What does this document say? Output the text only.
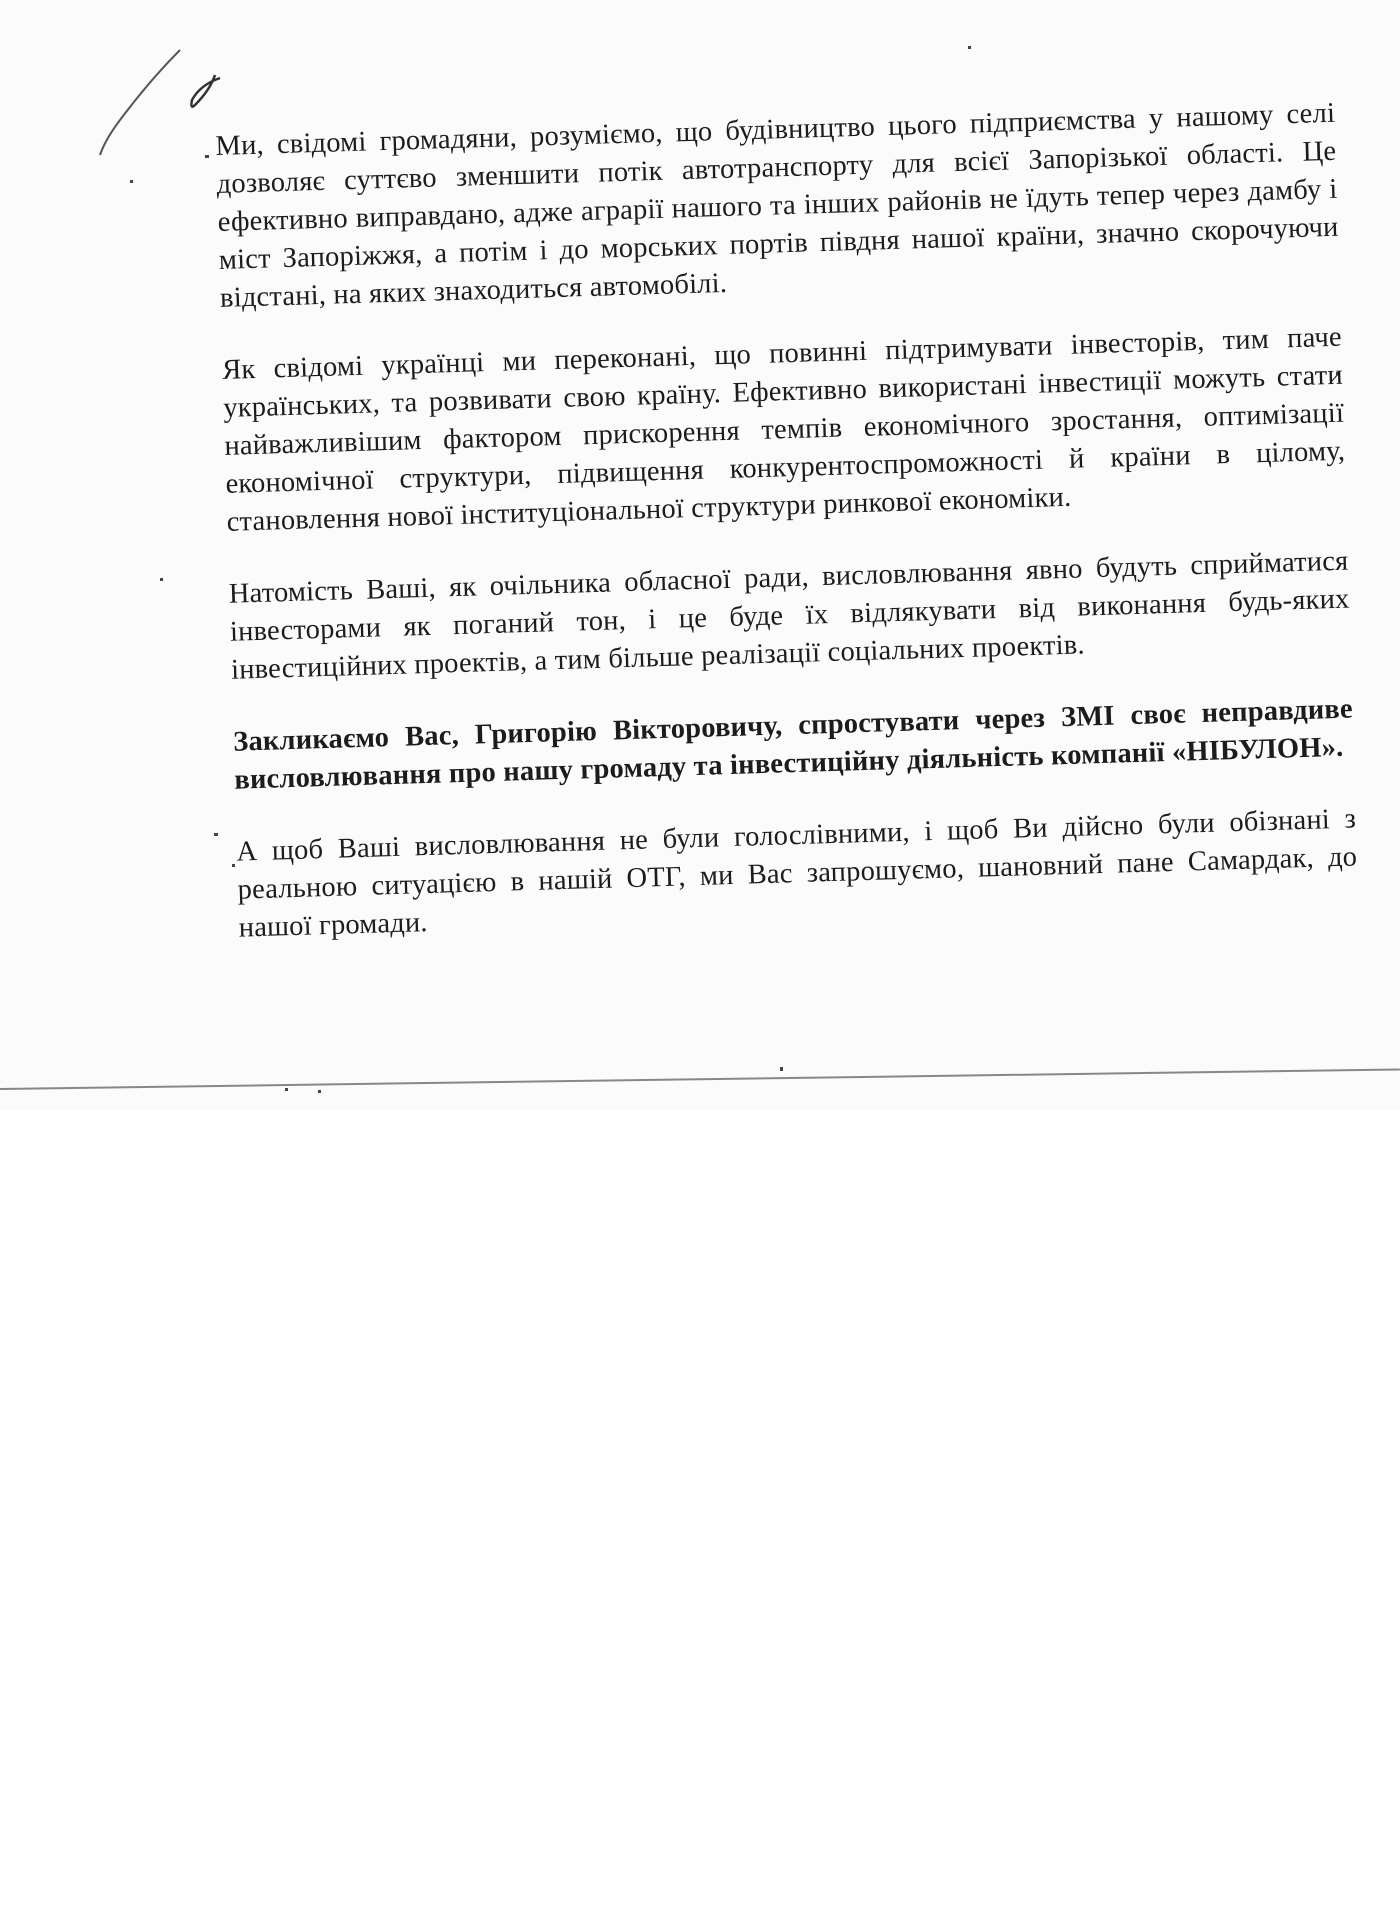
Ми, свідомі громадяни, розуміємо, що будівництво цього підприємства у нашому селі дозволяє суттєво зменшити потік автотранспорту для всієї Запорізької області. Це ефективно виправдано, адже аграрії нашого та інших районів не їдуть тепер через дамбу і міст Запоріжжя, а потім і до морських портів півдня нашої країни, значно скорочуючи відстані, на яких знаходиться автомобілі.

Як свідомі українці ми переконані, що повинні підтримувати інвесторів, тим паче українських, та розвивати свою країну. Ефективно використані інвестиції можуть стати найважливішим фактором прискорення темпів економічного зростання, оптимізації економічної структури, підвищення конкурентоспроможності й країни в цілому, становлення нової інституціональної структури ринкової економіки.

Натомість Ваші, як очільника обласної ради, висловлювання явно будуть сприйматися інвесторами як поганий тон, і це буде їх відлякувати від виконання будь-яких інвестиційних проектів, а тим більше реалізації соціальних проектів.

Закликаємо Вас, Григорію Вікторовичу, спростувати через ЗМІ своє неправдиве висловлювання про нашу громаду та інвестиційну діяльність компанії «НІБУЛОН».

А щоб Ваші висловлювання не були голослівними, і щоб Ви дійсно були обізнані з реальною ситуацією в нашій ОТГ, ми Вас запрошуємо, шановний пане Самардак, до нашої громади.
